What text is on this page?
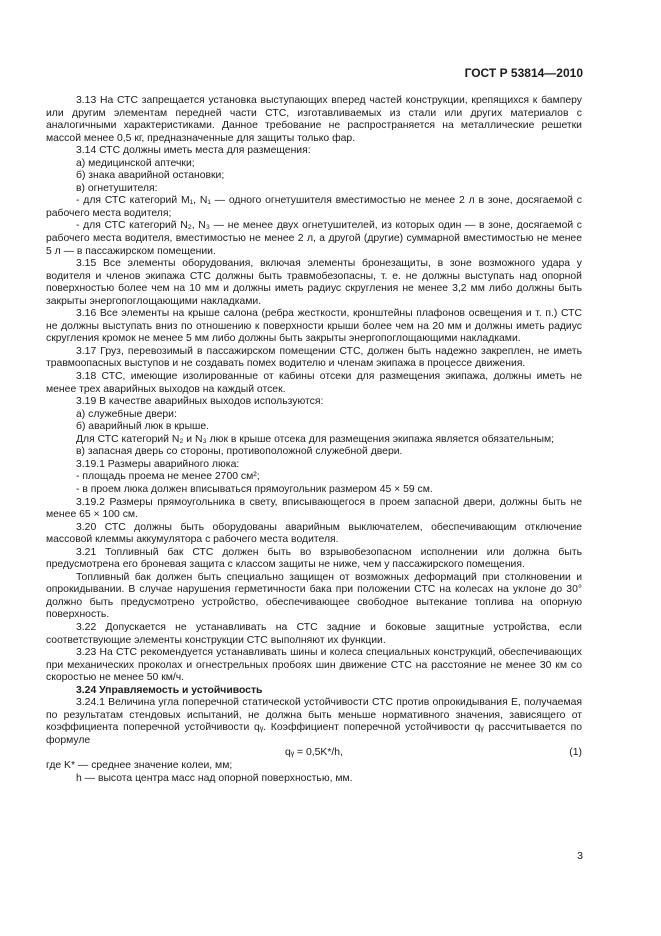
ГОСТ Р 53814—2010

3.13 На СТС запрещается установка выступающих вперед частей конструкции, крепящихся к бамперу или другим элементам передней части СТС, изготавливаемых из стали или других материалов с аналогичными характеристиками. Данное требование не распространяется на металлические решетки массой менее 0,5 кг, предназначенные для защиты только фар.

3.14 СТС должны иметь места для размещения:

а) медицинской аптечки;

б) знака аварийной остановки;

в) огнетушителя:

- для СТС категорий М₁, N₁ — одного огнетушителя вместимостью не менее 2 л в зоне, досягаемой с рабочего места водителя;

- для СТС категорий N₂, N₃ — не менее двух огнетушителей, из которых один — в зоне, досягаемой с рабочего места водителя, вместимостью не менее 2 л, а другой (другие) суммарной вместимостью не менее 5 л — в пассажирском помещении.

3.15 Все элементы оборудования, включая элементы бронезащиты, в зоне возможного удара у водителя и членов экипажа СТС должны быть травмобезопасны, т. е. не должны выступать над опорной поверхностью более чем на 10 мм и должны иметь радиус скругления не менее 3,2 мм либо должны быть закрыты энергопоглощающими накладками.

3.16 Все элементы на крыше салона (ребра жесткости, кронштейны плафонов освещения и т. п.) СТС не должны выступать вниз по отношению к поверхности крыши более чем на 20 мм и должны иметь радиус скругления кромок не менее 5 мм либо должны быть закрыты энергопоглощающими накладками.

3.17 Груз, перевозимый в пассажирском помещении СТС, должен быть надежно закреплен, не иметь травмоопасных выступов и не создавать помех водителю и членам экипажа в процессе движения.

3.18 СТС, имеющие изолированные от кабины отсеки для размещения экипажа, должны иметь не менее трех аварийных выходов на каждый отсек.

3.19 В качестве аварийных выходов используются:

а) служебные двери:

б) аварийный люк в крыше.

Для СТС категорий N₂ и N₃ люк в крыше отсека для размещения экипажа является обязательным;

в) запасная дверь со стороны, противоположной служебной двери.

3.19.1 Размеры аварийного люка:

- площадь проема не менее 2700 см²;

- в проем люка должен вписываться прямоугольник размером 45 × 59 см.

3.19.2 Размеры прямоугольника в свету, вписывающегося в проем запасной двери, должны быть не менее 65 × 100 см.

3.20 СТС должны быть оборудованы аварийным выключателем, обеспечивающим отключение массовой клеммы аккумулятора с рабочего места водителя.

3.21 Топливный бак СТС должен быть во взрывобезопасном исполнении или должна быть предусмотрена его броневая защита с классом защиты не ниже, чем у пассажирского помещения.

Топливный бак должен быть специально защищен от возможных деформаций при столкновении и опрокидывании. В случае нарушения герметичности бака при положении СТС на колесах на уклоне до 30° должно быть предусмотрено устройство, обеспечивающее свободное вытекание топлива на опорную поверхность.

3.22 Допускается не устанавливать на СТС задние и боковые защитные устройства, если соответствующие элементы конструкции СТС выполняют их функции.

3.23 На СТС рекомендуется устанавливать шины и колеса специальных конструкций, обеспечивающих при механических проколах и огнестрельных пробоях шин движение СТС на расстояние не менее 30 км со скоростью не менее 50 км/ч.

3.24 Управляемость и устойчивость

3.24.1 Величина угла поперечной статической устойчивости СТС против опрокидывания E, получаемая по результатам стендовых испытаний, не должна быть меньше нормативного значения, зависящего от коэффициента поперечной устойчивости qᵧ. Коэффициент поперечной устойчивости qᵧ рассчитывается по формуле

qᵧ = 0,5K*/h,	(1)

где K* — среднее значение колеи, мм;

h — высота центра масс над опорной поверхностью, мм.

3
